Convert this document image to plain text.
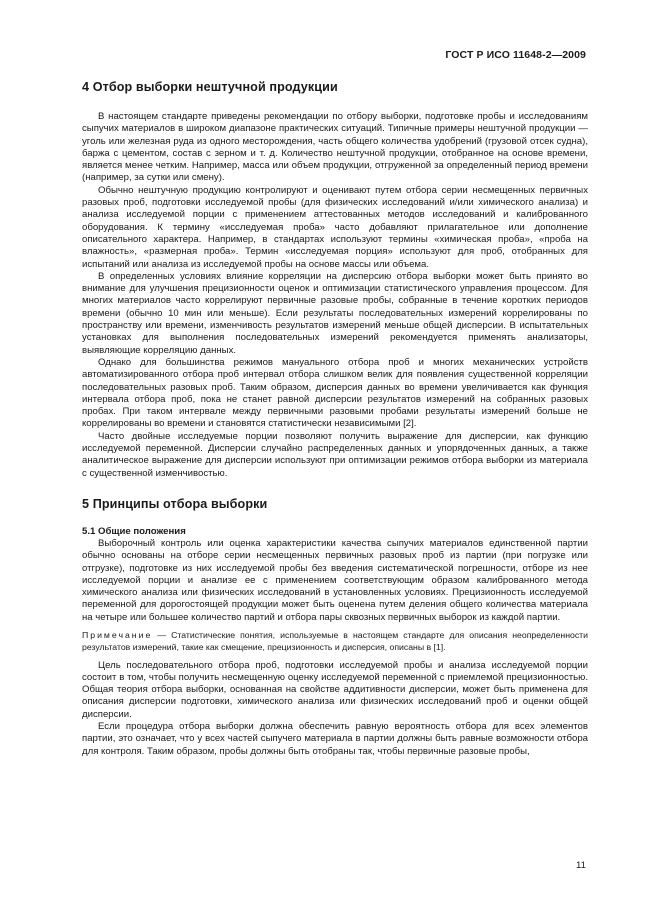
ГОСТ Р ИСО 11648-2—2009
4 Отбор выборки нештучной продукции

В настоящем стандарте приведены рекомендации по отбору выборки, подготовке пробы и исследованиям сыпучих материалов в широком диапазоне практических ситуаций. Типичные примеры нештучной продукции — уголь или железная руда из одного месторождения, часть общего количества удобрений (грузовой отсек судна), баржа с цементом, состав с зерном и т. д. Количество нештучной продукции, отобранное на основе времени, является менее четким. Например, масса или объем продукции, отгруженной за определенный период времени (например, за сутки или смену).

Обычно нештучную продукцию контролируют и оценивают путем отбора серии несмещенных первичных разовых проб, подготовки исследуемой пробы (для физических исследований и/или химического анализа) и анализа исследуемой порции с применением аттестованных методов исследований и калиброванного оборудования. К термину «исследуемая проба» часто добавляют прилагательное или дополнение описательного характера. Например, в стандартах используют термины «химическая проба», «проба на влажность», «размерная проба». Термин «исследуемая порция» используют для проб, отобранных для испытаний или анализа из исследуемой пробы на основе массы или объема.

В определенных условиях влияние корреляции на дисперсию отбора выборки может быть принято во внимание для улучшения прецизионности оценок и оптимизации статистического управления процессом. Для многих материалов часто коррелируют первичные разовые пробы, собранные в течение коротких периодов времени (обычно 10 мин или меньше). Если результаты последовательных измерений коррелированы по пространству или времени, изменчивость результатов измерений меньше общей дисперсии. В испытательных установках для выполнения последовательных измерений рекомендуется применять анализаторы, выявляющие корреляцию данных.

Однако для большинства режимов мануального отбора проб и многих механических устройств автоматизированного отбора проб интервал отбора слишком велик для появления существенной корреляции последовательных разовых проб. Таким образом, дисперсия данных во времени увеличивается как функция интервала отбора проб, пока не станет равной дисперсии результатов измерений на собранных разовых пробах. При таком интервале между первичными разовыми пробами результаты измерений больше не коррелированы во времени и становятся статистически независимыми [2].

Часто двойные исследуемые порции позволяют получить выражение для дисперсии, как функцию исследуемой переменной. Дисперсии случайно распределенных данных и упорядоченных данных, а также аналитическое выражение для дисперсии используют при оптимизации режимов отбора выборки из материала с существенной изменчивостью.

5 Принципы отбора выборки
5.1 Общие положения

Выборочный контроль или оценка характеристики качества сыпучих материалов единственной партии обычно основаны на отборе серии несмещенных первичных разовых проб из партии (при погрузке или отгрузке), подготовке из них исследуемой пробы без введения систематической погрешности, отборе из нее исследуемой порции и анализе ее с применением соответствующим образом калиброванного метода химического анализа или физических исследований в установленных условиях. Прецизионность исследуемой переменной для дорогостоящей продукции может быть оценена путем деления общего количества материала на четыре или большее количество партий и отбора пары сквозных первичных выборок из каждой партии.

Примечание — Статистические понятия, используемые в настоящем стандарте для описания неопределенности результатов измерений, такие как смещение, прецизионность и дисперсия, описаны в [1].

Цель последовательного отбора проб, подготовки исследуемой пробы и анализа исследуемой порции состоит в том, чтобы получить несмещенную оценку исследуемой переменной с приемлемой прецизионностью. Общая теория отбора выборки, основанная на свойстве аддитивности дисперсии, может быть применена для описания дисперсии подготовки, химического анализа или физических исследований проб и оценки общей дисперсии.

Если процедура отбора выборки должна обеспечить равную вероятность отбора для всех элементов партии, это означает, что у всех частей сыпучего материала в партии должны быть равные возможности отбора для контроля. Таким образом, пробы должны быть отобраны так, чтобы первичные разовые пробы,

11
